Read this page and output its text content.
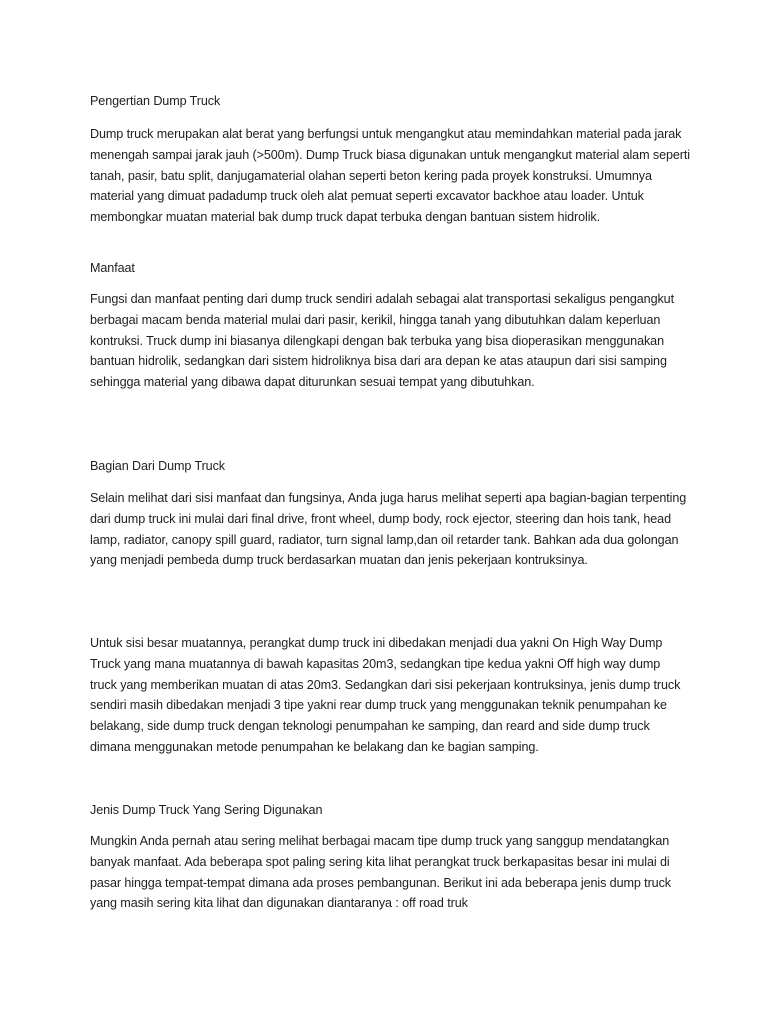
Pengertian Dump Truck
Dump truck merupakan alat berat yang berfungsi untuk mengangkut atau memindahkan material pada jarak menengah sampai jarak jauh (>500m). Dump Truck biasa digunakan untuk mengangkut material alam seperti tanah, pasir, batu split, danjugamaterial olahan seperti beton kering pada proyek konstruksi. Umumnya material yang dimuat padadump truck oleh alat pemuat seperti excavator backhoe atau loader. Untuk membongkar muatan material bak dump truck dapat terbuka dengan bantuan sistem hidrolik.
Manfaat
Fungsi dan manfaat penting dari dump truck sendiri adalah sebagai alat transportasi sekaligus pengangkut berbagai macam benda material mulai dari pasir, kerikil, hingga tanah yang dibutuhkan dalam keperluan kontruksi. Truck dump ini biasanya dilengkapi dengan bak terbuka yang bisa dioperasikan menggunakan bantuan hidrolik, sedangkan dari sistem hidroliknya bisa dari ara depan ke atas ataupun dari sisi samping sehingga material yang dibawa dapat diturunkan sesuai tempat yang dibutuhkan.
Bagian Dari Dump Truck
Selain melihat dari sisi manfaat dan fungsinya, Anda juga harus melihat seperti apa bagian-bagian terpenting dari dump truck ini mulai dari final drive, front wheel, dump body, rock ejector, steering dan hois tank, head lamp, radiator, canopy spill guard, radiator, turn signal lamp,dan oil retarder tank. Bahkan ada dua golongan yang menjadi pembeda dump truck berdasarkan muatan dan jenis pekerjaan kontruksinya.
Untuk sisi besar muatannya, perangkat dump truck ini dibedakan menjadi dua yakni On High Way Dump Truck yang mana muatannya di bawah kapasitas 20m3, sedangkan tipe kedua yakni Off high way dump truck yang memberikan muatan di atas 20m3. Sedangkan dari sisi pekerjaan kontruksinya, jenis dump truck sendiri masih dibedakan menjadi 3 tipe yakni rear dump truck yang menggunakan teknik penumpahan ke belakang, side dump truck dengan teknologi penumpahan ke samping, dan reard and side dump truck dimana menggunakan metode penumpahan ke belakang dan ke bagian samping.
Jenis Dump Truck Yang Sering Digunakan
Mungkin Anda pernah atau sering melihat berbagai macam tipe dump truck yang sanggup mendatangkan banyak manfaat. Ada beberapa spot paling sering kita lihat perangkat truck berkapasitas besar ini mulai di pasar hingga tempat-tempat dimana ada proses pembangunan. Berikut ini ada beberapa jenis dump truck yang masih sering kita lihat dan digunakan diantaranya : off road truk
